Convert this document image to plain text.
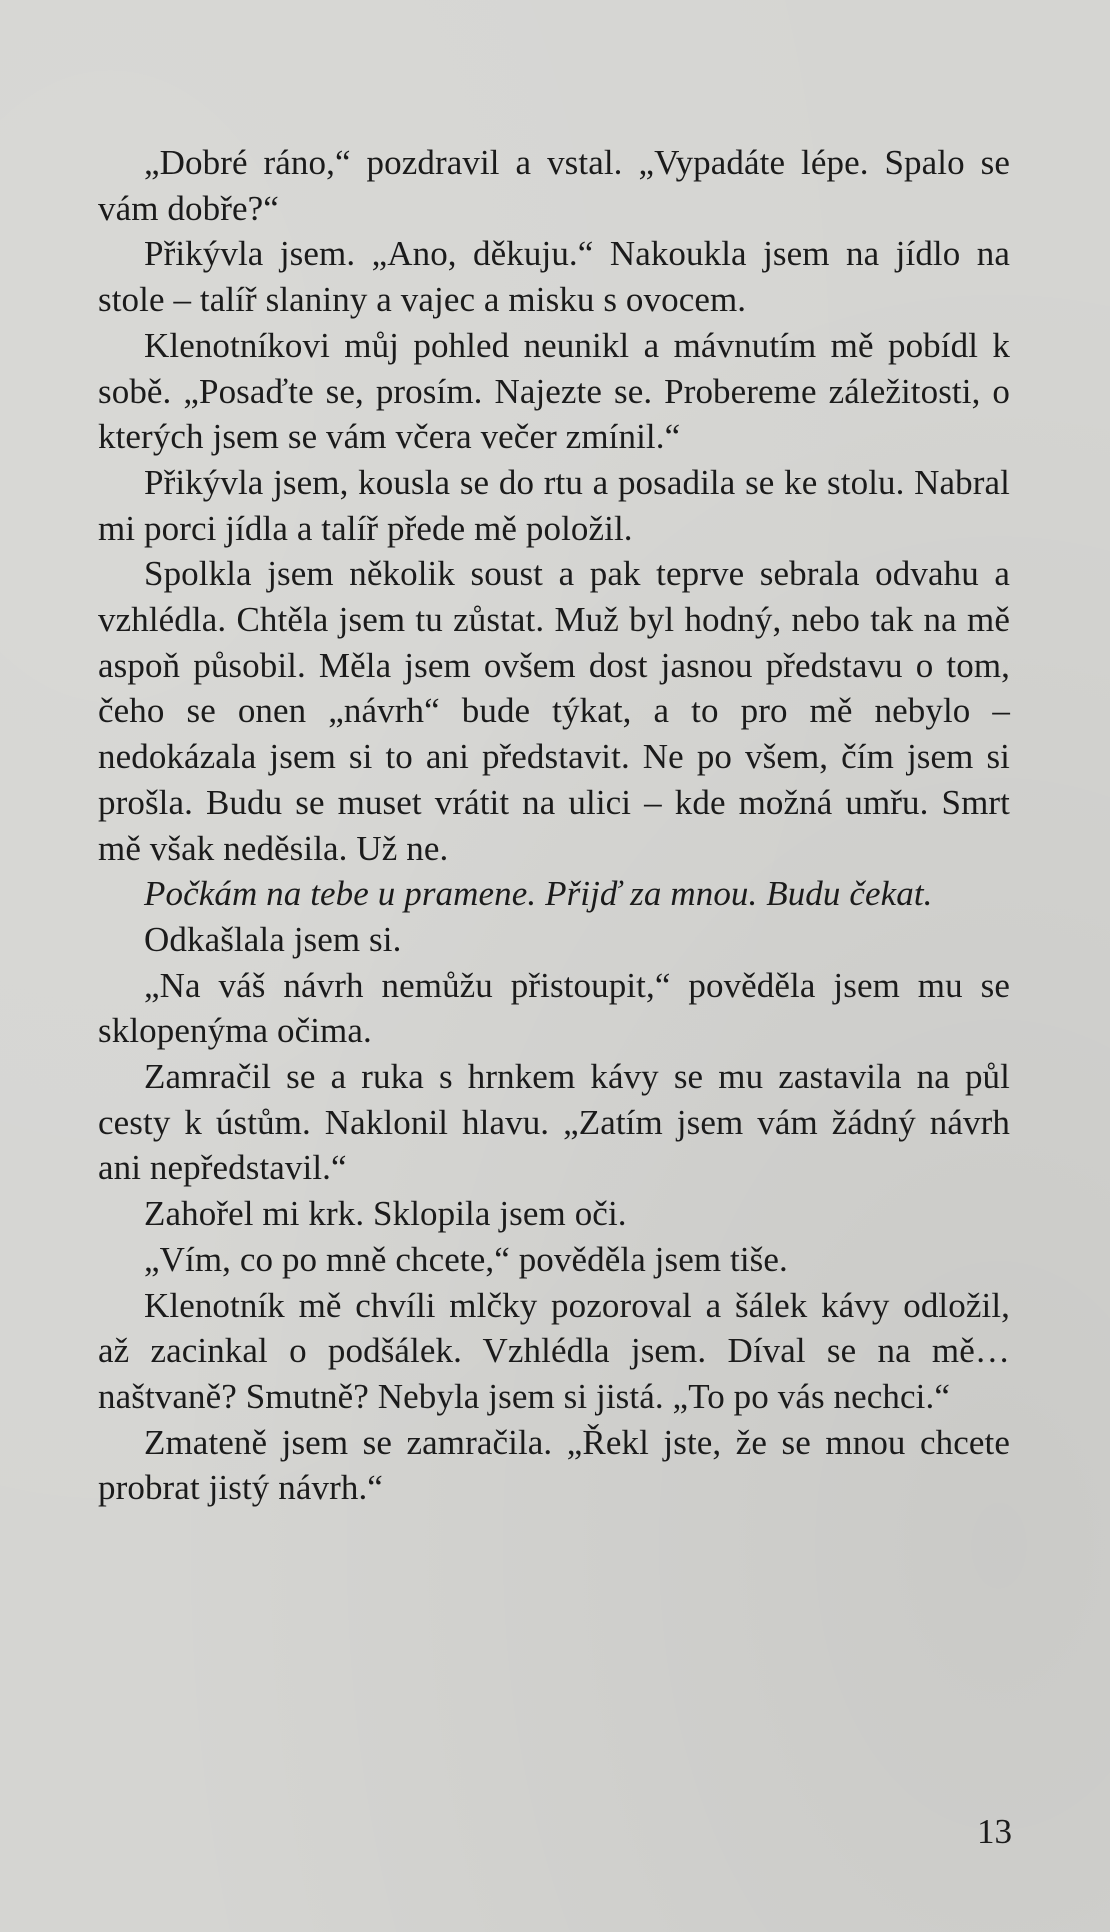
„Dobré ráno,“ pozdravil a vstal. „Vypadáte lépe. Spalo se vám dobře?“

Přikývla jsem. „Ano, děkuju.“ Nakoukla jsem na jídlo na stole – talíř slaniny a vajec a misku s ovocem.

Klenotníkovi můj pohled neunikl a mávnutím mě pobídl k sobě. „Posaďte se, prosím. Najezte se. Probereme záležitosti, o kterých jsem se vám včera večer zmínil.“

Přikývla jsem, kousla se do rtu a posadila se ke stolu. Nabral mi porci jídla a talíř přede mě položil.

Spolkla jsem několik soust a pak teprve sebrala odvahu a vzhlédla. Chtěla jsem tu zůstat. Muž byl hodný, nebo tak na mě aspoň působil. Měla jsem ovšem dost jasnou představu o tom, čeho se onen „návrh“ bude týkat, a to pro mě nebylo – nedokázala jsem si to ani představit. Ne po všem, čím jsem si prošla. Budu se muset vrátit na ulici – kde možná umřu. Smrt mě však neděsila. Už ne.

Počkám na tebe u pramene. Přijď za mnou. Budu čekat.

Odkašlala jsem si.

„Na váš návrh nemůžu přistoupit,“ pověděla jsem mu se sklopenýma očima.

Zamračil se a ruka s hrnkem kávy se mu zastavila na půl cesty k ústům. Naklonil hlavu. „Zatím jsem vám žádný návrh ani nepředstavil.“

Zahořel mi krk. Sklopila jsem oči.

„Vím, co po mně chcete,“ pověděla jsem tiše.

Klenotník mě chvíli mlčky pozoroval a šálek kávy odložil, až zacinkal o podšálek. Vzhlédla jsem. Díval se na mě… naštvaně? Smutně? Nebyla jsem si jistá. „To po vás nechci.“

Zmateně jsem se zamračila. „Řekl jste, že se mnou chcete probrat jistý návrh.“

13
